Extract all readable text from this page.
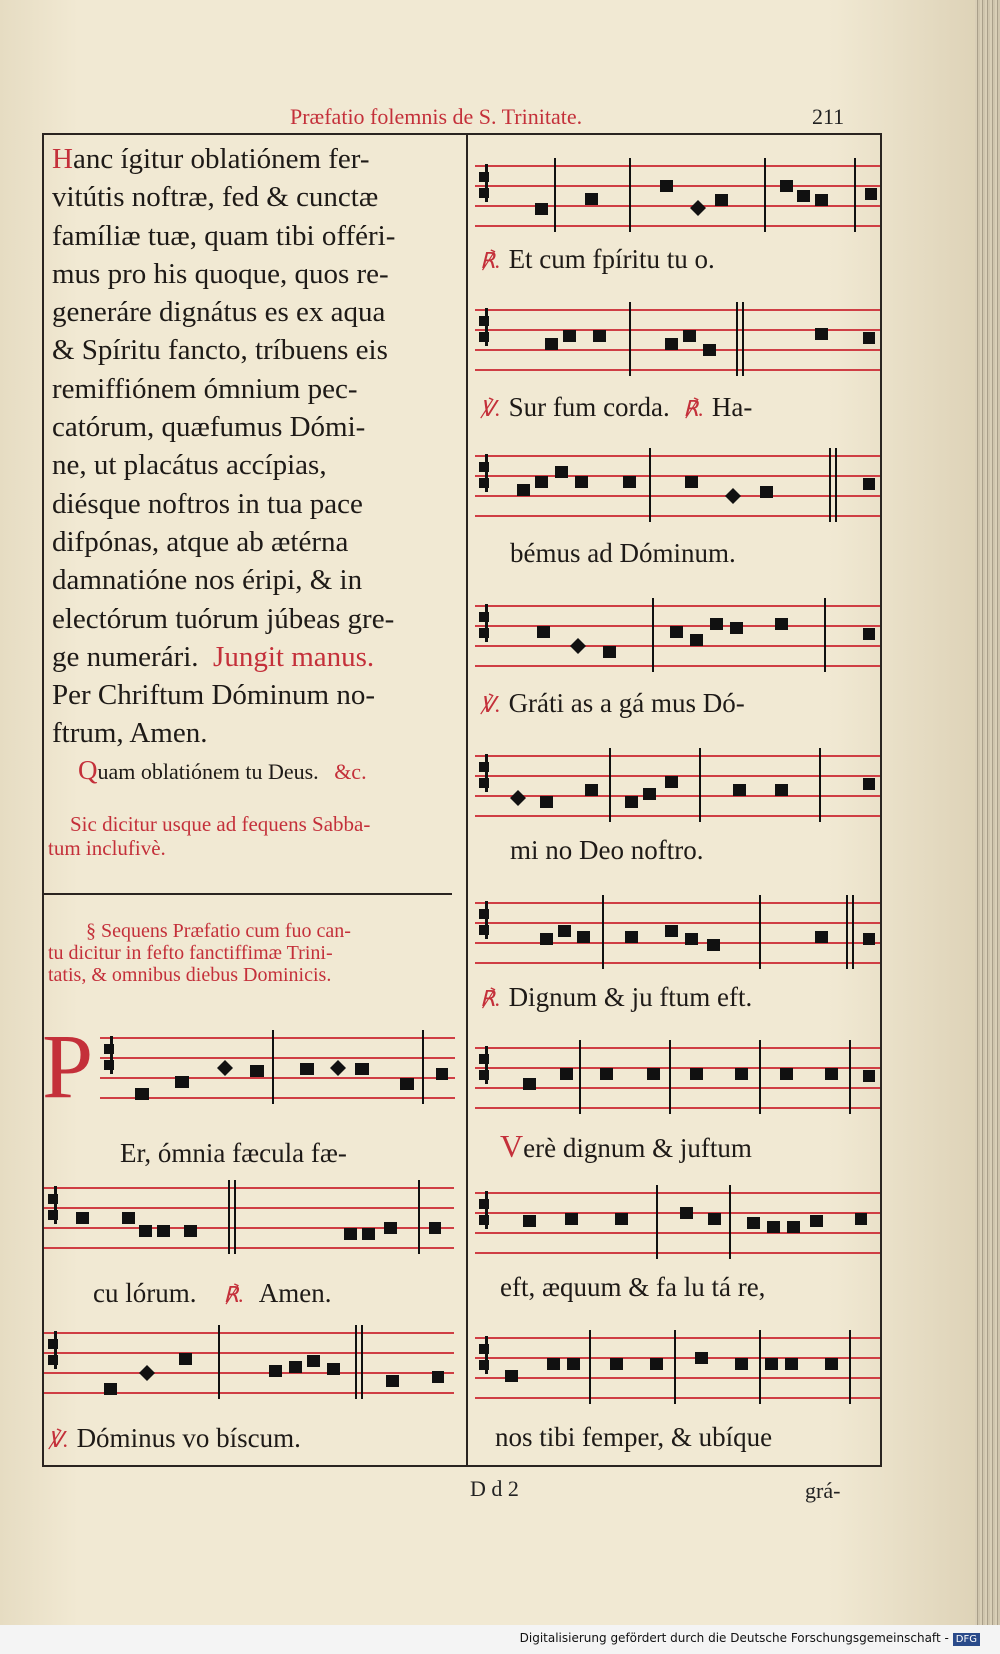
Præfatio folemnis de S. Trinitate.	211
Hanc ígitur oblatiónem fer-
vitútis noftræ, fed & cunctæ
famíliæ tuæ, quam tibi offéri-
mus pro his quoque, quos re-
generáre dignátus es ex aqua
& Spíritu fancto, tríbuens eis
remiffiónem ómnium pec-
catórum, quæfumus Dómi-
ne, ut placátus accípias,
diésque noftros in tua pace
difpónas, atque ab ætérna
damnatióne nos éripi, & in
electórum tuórum júbeas gre-
ge numerári. Jungit manus.
Per Chriftum Dóminum no-
ftrum, Amen.
Quam oblatiónem tu Deus. &c.
Sic dicitur usque ad fequens Sabba-
tum inclufivè.
§ Sequens Præfatio cum fuo can-
tu dicitur in fefto fanctiffimæ Trini-
tatis, & omnibus diebus Dominicis.
P
Er, ómnia fæcula fæ-
cu lórum. ℟. Amen.
℣. Dóminus vo bíscum.
℟. Et cum fpíritu tu o.
℣. Sur fum corda. ℟. Ha-
bémus ad Dóminum.
℣. Gráti as a gá mus Dó-
mi no Deo noftro.
℟. Dignum & ju ftum eft.
Verè dignum & juftum
eft, æquum & fa lu tá re,
nos tibi femper, & ubíque
D d 2	grá-
Digitalisierung gefördert durch die Deutsche Forschungsgemeinschaft - DFG
